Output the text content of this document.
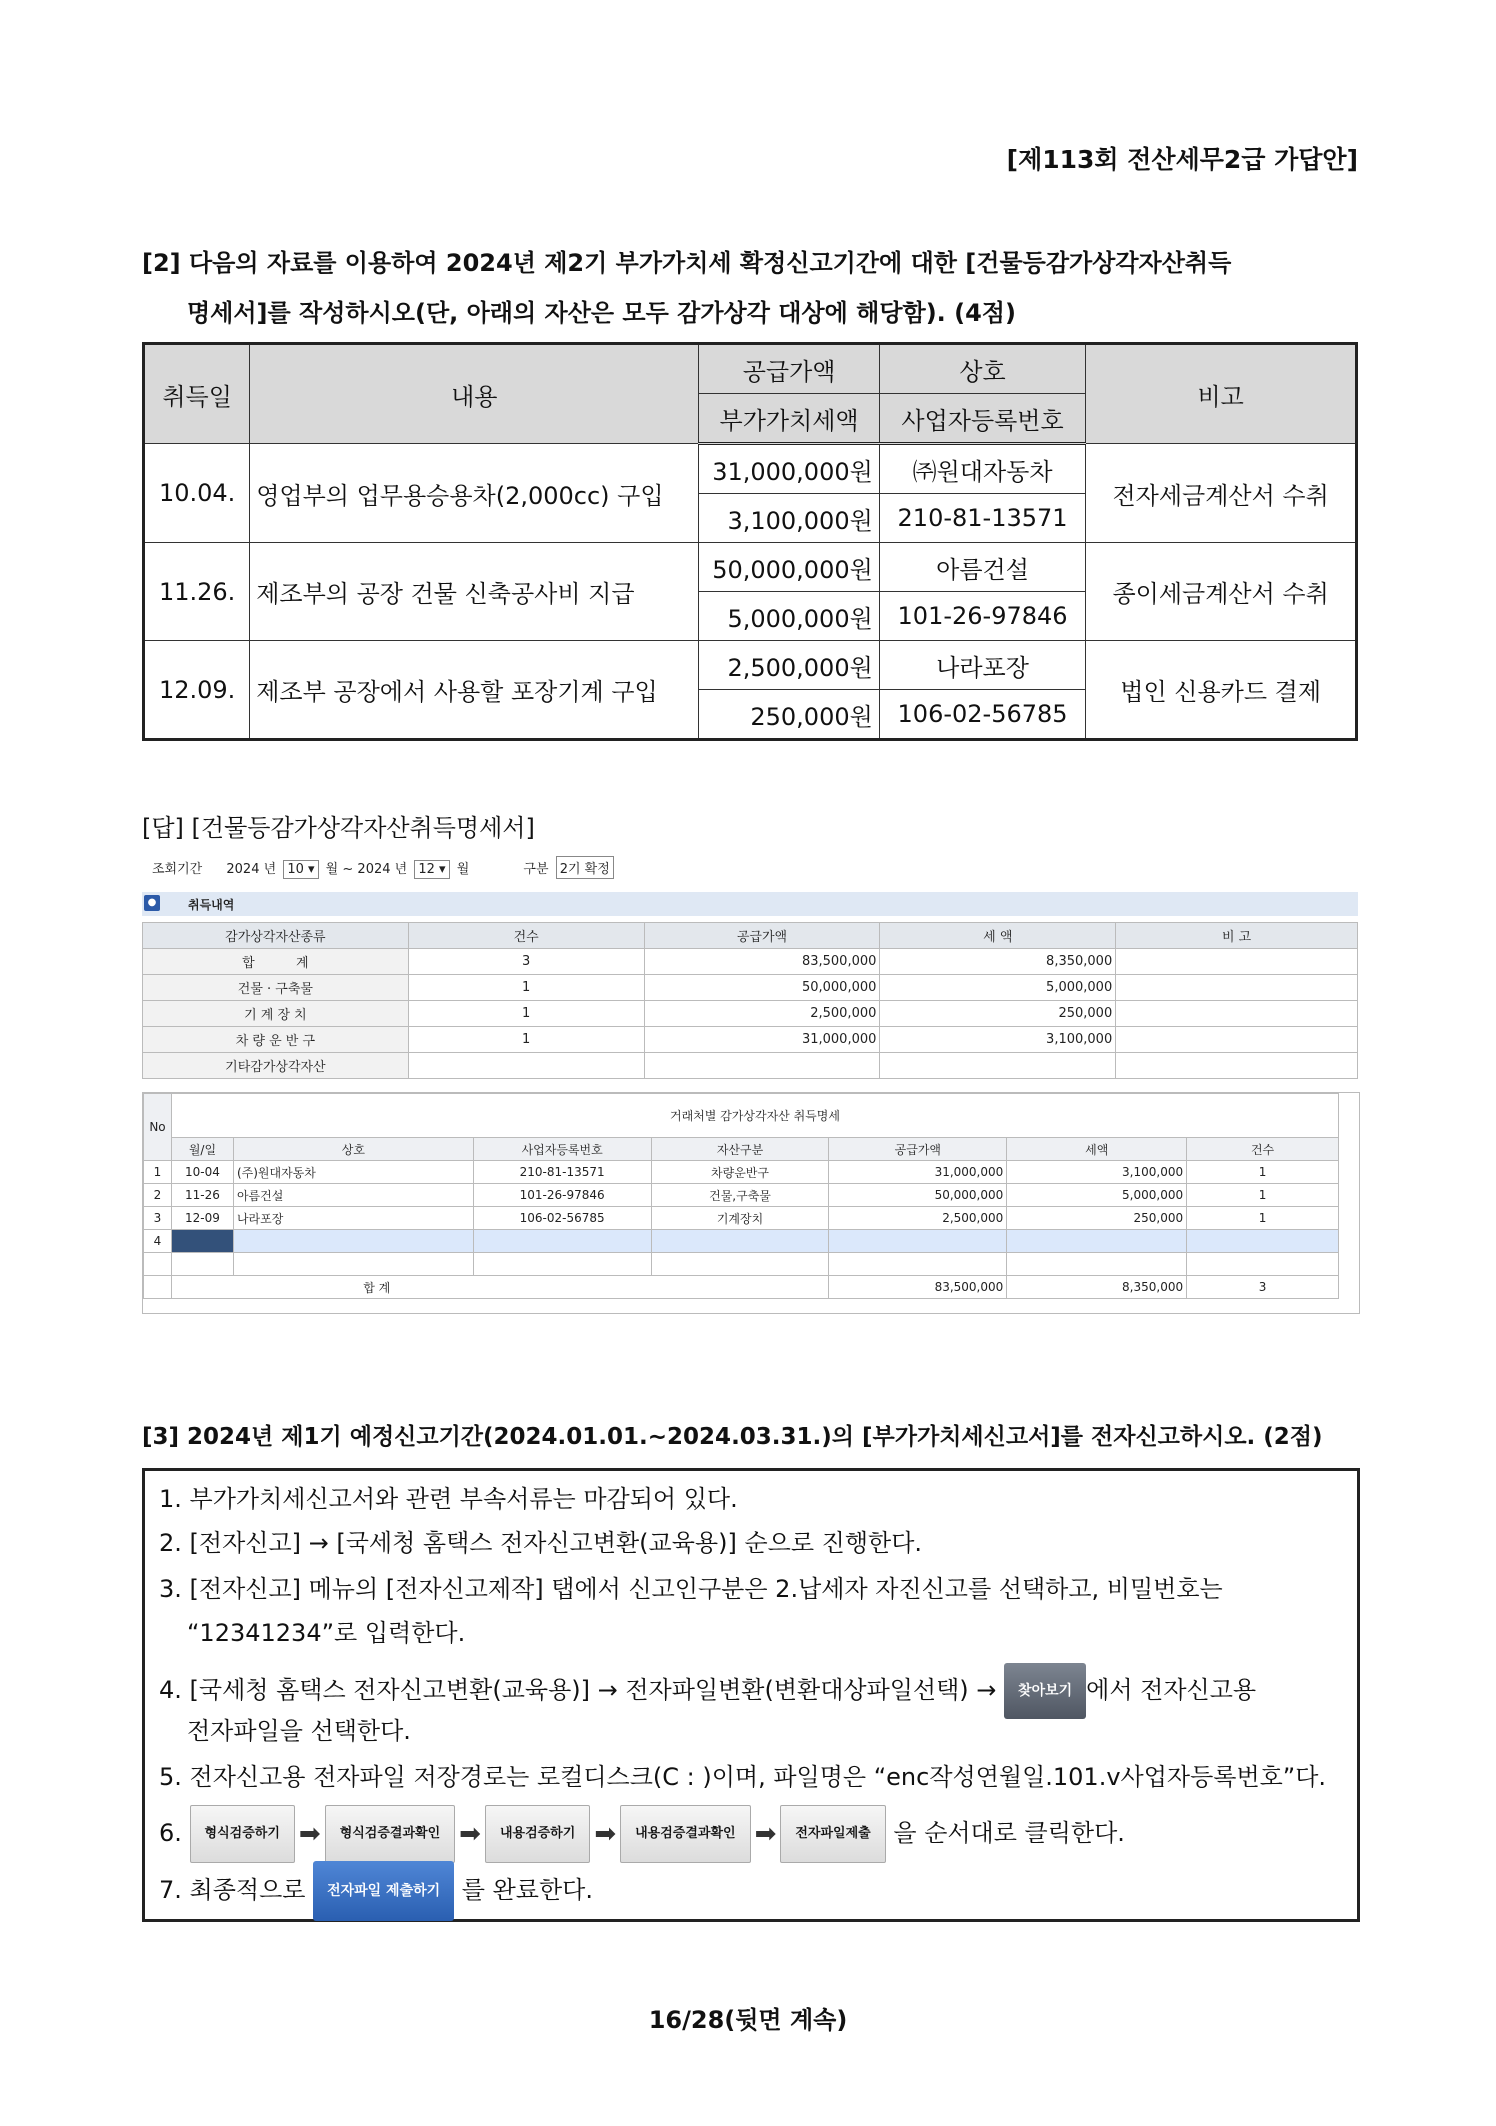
[제113회 전산세무2급 가답안]
[2] 다음의 자료를 이용하여 2024년 제2기 부가가치세 확정신고기간에 대한 [건물등감가상각자산취득
명세서]를 작성하시오(단, 아래의 자산은 모두 감가상각 대상에 해당함). (4점)
취득일	내용	공급가액	상호	비고
		부가가치세액	사업자등록번호	
10.04.	영업부의 업무용승용차(2,000cc) 구입	31,000,000원	㈜원대자동차	전자세금계산서 수취
		3,100,000원	210-81-13571	
11.26.	제조부의 공장 건물 신축공사비 지급	50,000,000원	아름건설	종이세금계산서 수취
		5,000,000원	101-26-97846	
12.09.	제조부 공장에서 사용할 포장기계 구입	2,500,000원	나라포장	법인 신용카드 결제
		250,000원	106-02-56785	
[답] [건물등감가상각자산취득명세서]
조회기간 2024 년 10 ▾ 월 ~ 2024 년 12 ▾ 월	구분 2기 확정
●	취득내역
감가상각자산종류	건수	공급가액	세 액	비 고
합          계	3	83,500,000	8,350,000	
건물 · 구축물	1	50,000,000	5,000,000	
기 계 장 치	1	2,500,000	250,000	
차 량 운 반 구	1	31,000,000	3,100,000	
기타감가상각자산				
No	거래처별 감가상각자산 취득명세						
	월/일	상호	사업자등록번호	자산구분	공급가액	세액	건수
1	10-04	(주)원대자동차	210-81-13571	차량운반구	31,000,000	3,100,000	1
2	11-26	아름건설	101-26-97846	건물,구축물	50,000,000	5,000,000	1
3	12-09	나라포장	106-02-56785	기계장치	2,500,000	250,000	1
4							

	합 계				83,500,000	8,350,000	3
[3] 2024년 제1기 예정신고기간(2024.01.01.~2024.03.31.)의 [부가가치세신고서]를 전자신고하시오. (2점)
1. 부가가치세신고서와 관련 부속서류는 마감되어 있다.
2. [전자신고] → [국세청 홈택스 전자신고변환(교육용)] 순으로 진행한다.
3. [전자신고] 메뉴의 [전자신고제작] 탭에서 신고인구분은 2.납세자 자진신고를 선택하고, 비밀번호는
“12341234”로 입력한다.
4. [국세청 홈택스 전자신고변환(교육용)] → 전자파일변환(변환대상파일선택) → 찾아보기 에서 전자신고용
전자파일을 선택한다.
5. 전자신고용 전자파일 저장경로는 로컬디스크(C : )이며, 파일명은 “enc작성연월일.101.v사업자등록번호”다.
6. 형식검증하기 ➡ 형식검증결과확인 ➡ 내용검증하기 ➡ 내용검증결과확인 ➡ 전자파일제출 을 순서대로 클릭한다.
7. 최종적으로 전자파일 제출하기 를 완료한다.
16/28(뒷면 계속)
